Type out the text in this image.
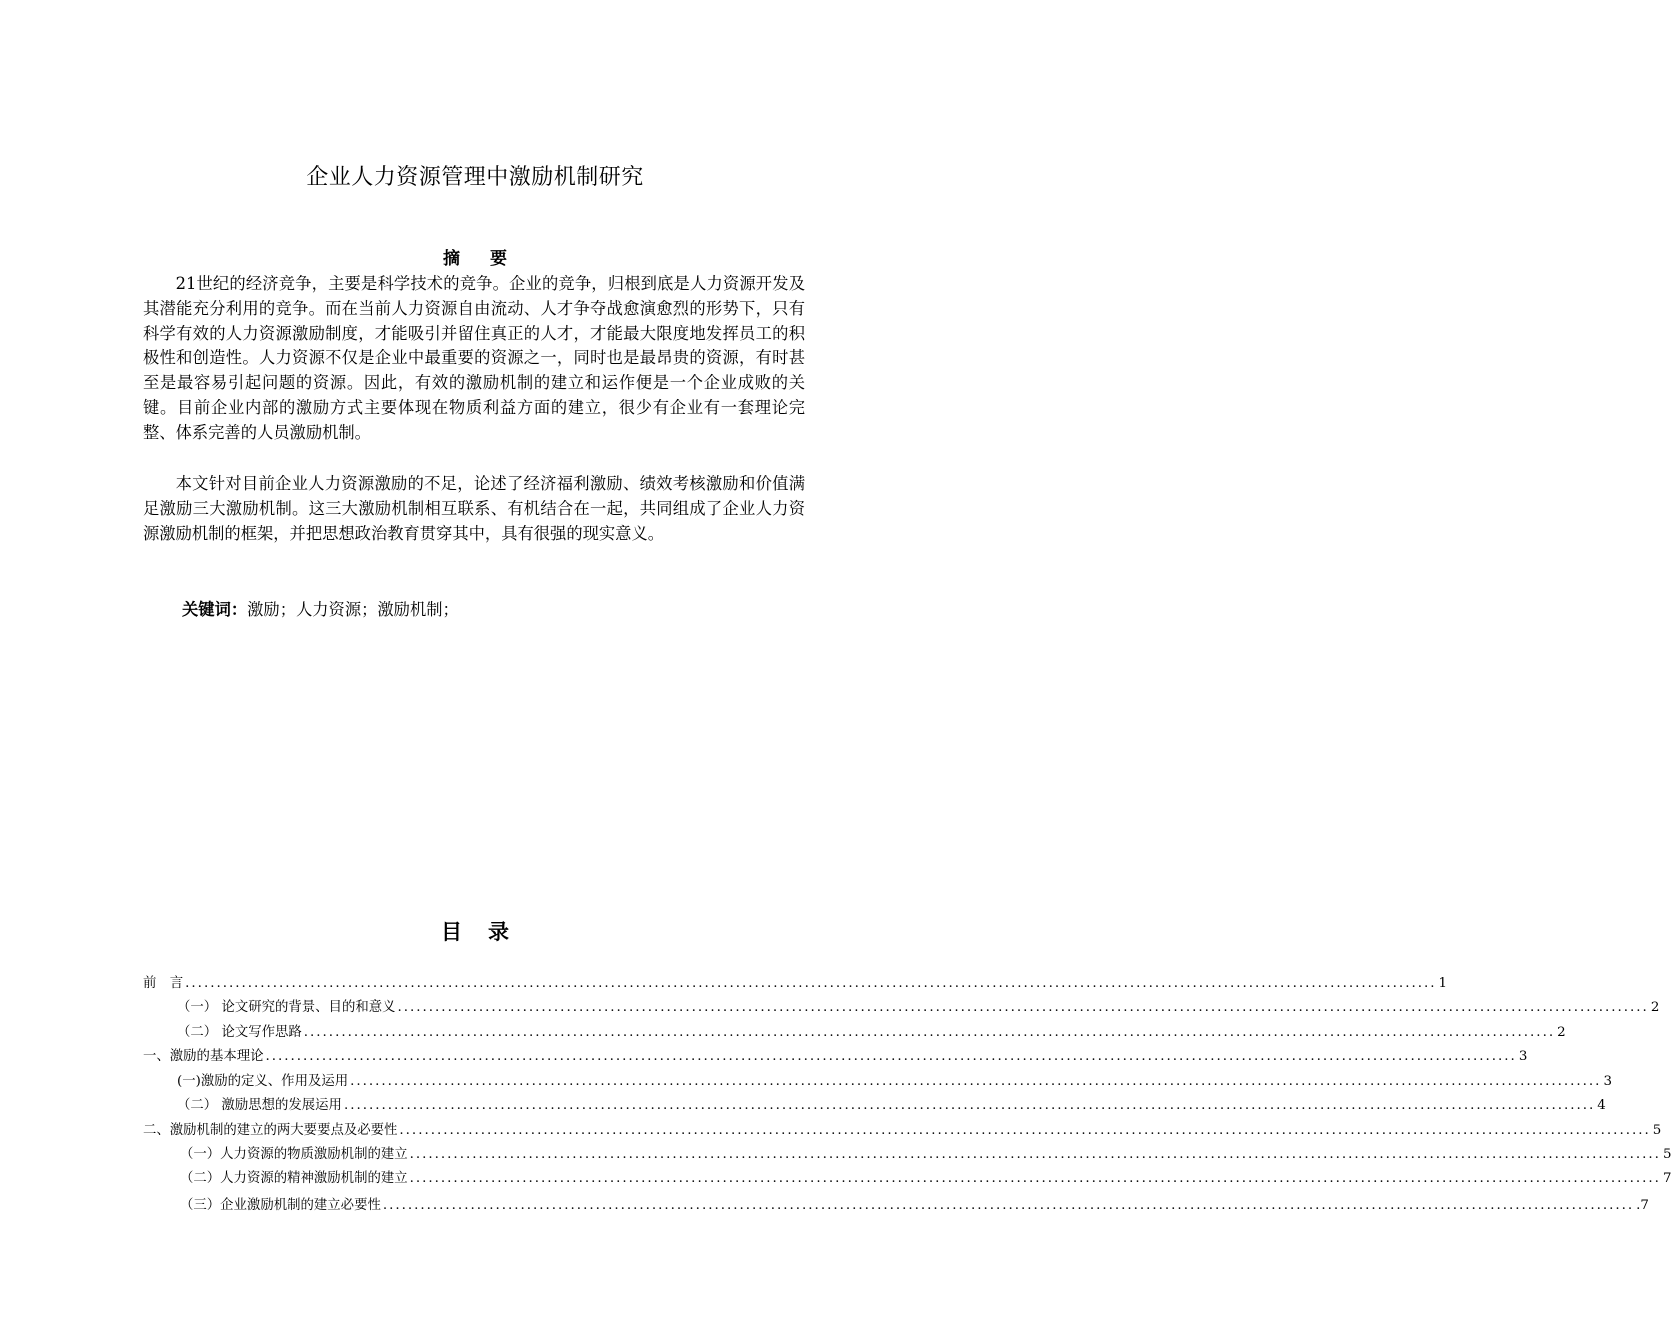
企业人力资源管理中激励机制研究
摘 要

21世纪的经济竞争，主要是科学技术的竞争。企业的竞争，归根到底是人力资源开发及其潜能充分利用的竞争。而在当前人力资源自由流动、人才争夺战愈演愈烈的形势下，只有科学有效的人力资源激励制度，才能吸引并留住真正的人才，才能最大限度地发挥员工的积极性和创造性。人力资源不仅是企业中最重要的资源之一，同时也是最昂贵的资源，有时甚至是最容易引起问题的资源。因此，有效的激励机制的建立和运作便是一个企业成败的关键。目前企业内部的激励方式主要体现在物质利益方面的建立，很少有企业有一套理论完整、体系完善的人员激励机制。

本文针对目前企业人力资源激励的不足，论述了经济福利激励、绩效考核激励和价值满足激励三大激励机制。这三大激励机制相互联系、有机结合在一起，共同组成了企业人力资源激励机制的框架，并把思想政治教育贯穿其中，具有很强的现实意义。

关键词：激励；人力资源；激励机制；
目 录
前　言 ........................................................................................................................................................................................................ 1
（一） 论文研究的背景、目的和意义 ........................................................................................................................................................................................................ 2
（二） 论文写作思路 ........................................................................................................................................................................................................ 2
一、激励的基本理论 ........................................................................................................................................................................................................ 3
(一)激励的定义、作用及运用 ........................................................................................................................................................................................................ 3
（二） 激励思想的发展运用 ........................................................................................................................................................................................................ 4
二、激励机制的建立的两大要要点及必要性 ........................................................................................................................................................................................................ 5
（一）人力资源的物质激励机制的建立 ........................................................................................................................................................................................................ 5
（二）人力资源的精神激励机制的建立 ........................................................................................................................................................................................................ 7
（三）企业激励机制的建立必要性 ........................................................................................................................................................................................................ .7
